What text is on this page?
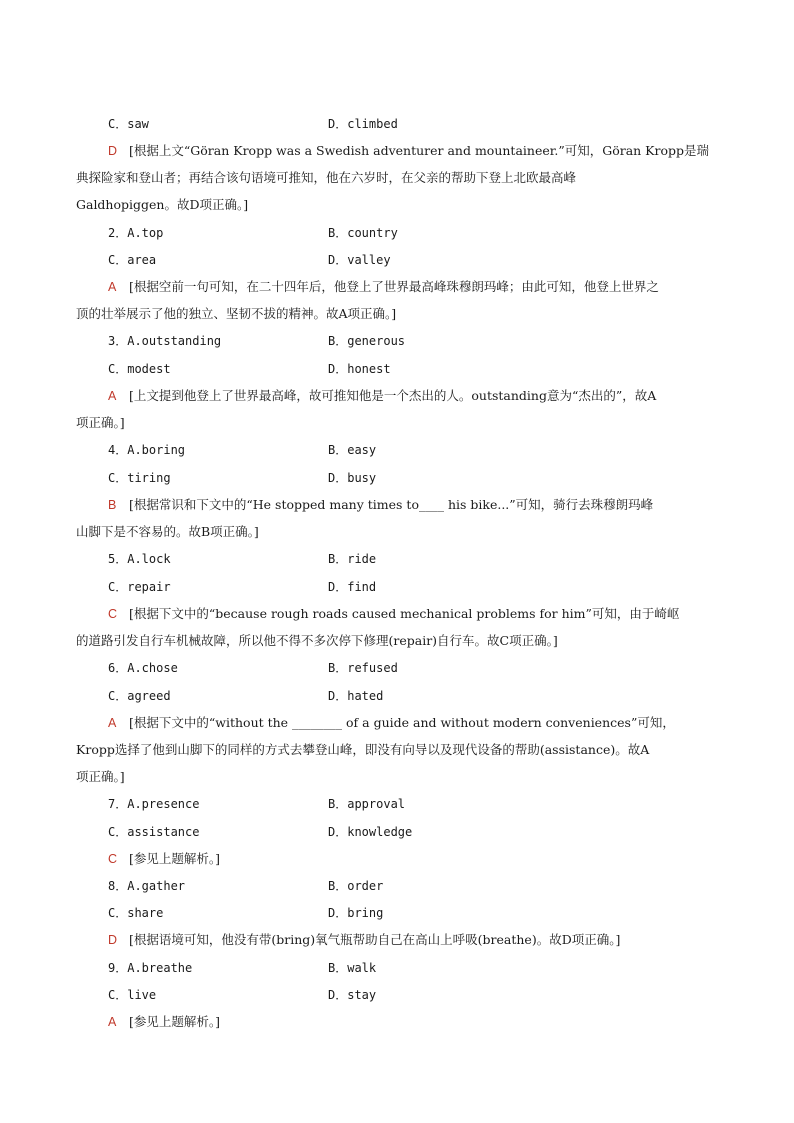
C．saw	D．climbed
D [根据上文“Göran Kropp was a Swedish adventurer and mountaineer.”可知，Göran Kropp是瑞
典探险家和登山者；再结合该句语境可推知，他在六岁时，在父亲的帮助下登上北欧最高峰
Galdhopiggen。故D项正确。]
2．A.top	B．country
C．area	D．valley
A [根据空前一句可知，在二十四年后，他登上了世界最高峰珠穆朗玛峰；由此可知，他登上世界之
顶的壮举展示了他的独立、坚韧不拔的精神。故A项正确。]
3．A.outstanding	B．generous
C．modest	D．honest
A [上文提到他登上了世界最高峰，故可推知他是一个杰出的人。outstanding意为“杰出的”，故A
项正确。]
4．A.boring	B．easy
C．tiring	D．busy
B [根据常识和下文中的“He stopped many times to____ his bike...”可知，骑行去珠穆朗玛峰
山脚下是不容易的。故B项正确。]
5．A.lock	B．ride
C．repair	D．find
C [根据下文中的“because rough roads caused mechanical problems for him”可知，由于崎岖
的道路引发自行车机械故障，所以他不得不多次停下修理(repair)自行车。故C项正确。]
6．A.chose	B．refused
C．agreed	D．hated
A [根据下文中的“without the ________ of a guide and without modern conveniences”可知，
Kropp选择了他到山脚下的同样的方式去攀登山峰，即没有向导以及现代设备的帮助(assistance)。故A
项正确。]
7．A.presence	B．approval
C．assistance	D．knowledge
C [参见上题解析。]
8．A.gather	B．order
C．share	D．bring
D [根据语境可知，他没有带(bring)氧气瓶帮助自己在高山上呼吸(breathe)。故D项正确。]
9．A.breathe	B．walk
C．live	D．stay
A [参见上题解析。]
